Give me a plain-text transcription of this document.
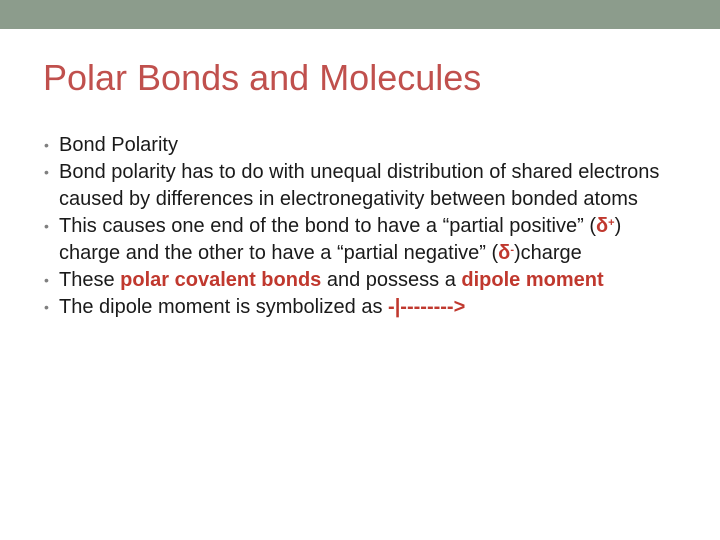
Polar Bonds and Molecules
• Bond Polarity
• Bond polarity has to do with unequal distribution of shared electrons caused by differences in electronegativity between bonded atoms
• This causes one end of the bond to have a “partial positive” (δ+) charge and the other to have a “partial negative” (δ-)charge
• These polar covalent bonds and possess a dipole moment
• The dipole moment is symbolized as -|-------->
